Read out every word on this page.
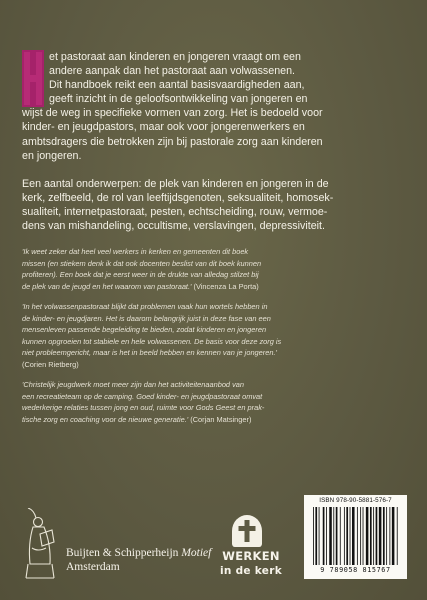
et pastoraat aan kinderen en jongeren vraagt om een
andere aanpak dan het pastoraat aan volwassenen.
Dit handboek reikt een aantal basisvaardigheden aan,
geeft inzicht in de geloofsontwikkeling van jongeren en
wijst de weg in specifieke vormen van zorg. Het is bedoeld voor
kinder- en jeugdpastors, maar ook voor jongerenwerkers en
ambtsdragers die betrokken zijn bij pastorale zorg aan kinderen
en jongeren.
Een aantal onderwerpen: de plek van kinderen en jongeren in de
kerk, zelfbeeld, de rol van leeftijdsgenoten, seksualiteit, homosek-
sualiteit, internetpastoraat, pesten, echtscheiding, rouw, vermoe-
dens van mishandeling, occultisme, verslavingen, depressiviteit.
'Ik weet zeker dat heel veel werkers in kerken en gemeenten dit boek
missen (en stiekem denk ik dat ook docenten beslist van dit boek kunnen
profiteren). Een boek dat je eerst weer in de drukte van alledag stilzet bij
de plek van de jeugd en het waarom van pastoraat.' (Vincenza La Porta)
'In het volwassenpastoraat blijkt dat problemen vaak hun wortels hebben in
de kinder- en jeugdjaren. Het is daarom belangrijk juist in deze fase van een
mensenleven passende begeleiding te bieden, zodat kinderen en jongeren
kunnen opgroeien tot stabiele en hele volwassenen. De basis voor deze zorg is
niet probleemgericht, maar is het in beeld hebben en kennen van je jongeren.'
(Corien Rietberg)
'Christelijk jeugdwerk moet meer zijn dan het activiteitenaanbod van
een recreatieteam op de camping. Goed kinder- en jeugdpastoraat omvat
wederkerige relaties tussen jong en oud, ruimte voor Gods Geest en prak-
tische zorg en coaching voor de nieuwe generatie.' (Corjan Matsinger)
Buijten & Schipperheijn Motief
Amsterdam
WERKEN
in de kerk
ISBN 978-90-5881-576-7
9 789058 815767
